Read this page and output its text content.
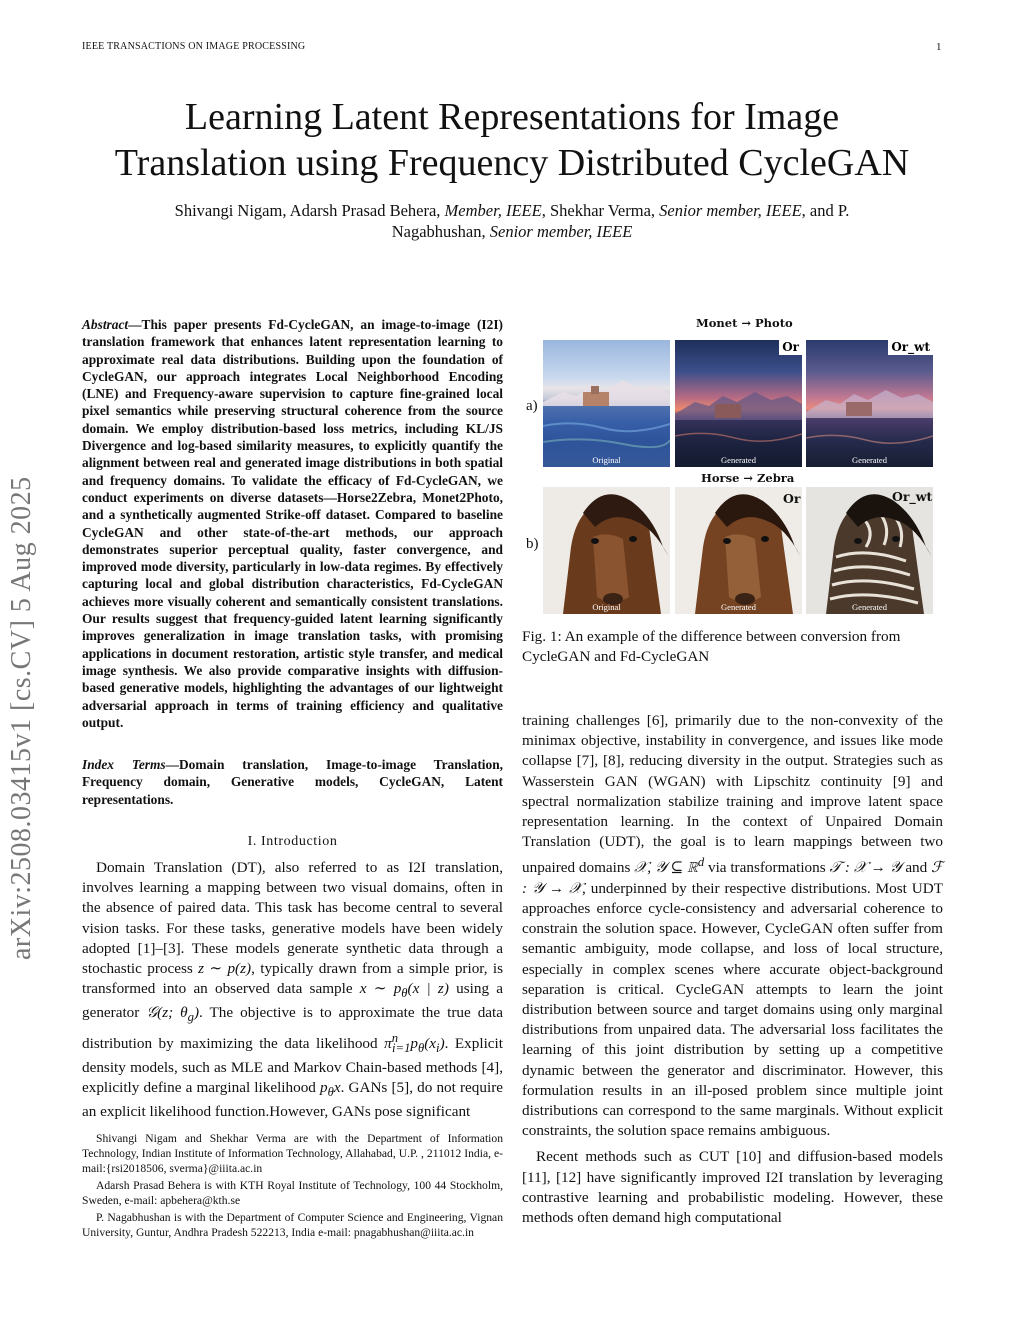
IEEE TRANSACTIONS ON IMAGE PROCESSING	1
Learning Latent Representations for Image
Translation using Frequency Distributed CycleGAN
Shivangi Nigam, Adarsh Prasad Behera, Member, IEEE, Shekhar Verma, Senior member, IEEE, and P.
Nagabhushan, Senior member, IEEE
arXiv:2508.03415v1 [cs.CV] 5 Aug 2025
Abstract—This paper presents Fd-CycleGAN, an image-to-image (I2I) translation framework that enhances latent representation learning to approximate real data distributions. Building upon the foundation of CycleGAN, our approach integrates Local Neighborhood Encoding (LNE) and Frequency-aware supervision to capture fine-grained local pixel semantics while preserving structural coherence from the source domain. We employ distribution-based loss metrics, including KL/JS Divergence and log-based similarity measures, to explicitly quantify the alignment between real and generated image distributions in both spatial and frequency domains. To validate the efficacy of Fd-CycleGAN, we conduct experiments on diverse datasets—Horse2Zebra, Monet2Photo, and a synthetically augmented Strike-off dataset. Compared to baseline CycleGAN and other state-of-the-art methods, our approach demonstrates superior perceptual quality, faster convergence, and improved mode diversity, particularly in low-data regimes. By effectively capturing local and global distribution characteristics, Fd-CycleGAN achieves more visually coherent and semantically consistent translations. Our results suggest that frequency-guided latent learning significantly improves generalization in image translation tasks, with promising applications in document restoration, artistic style transfer, and medical image synthesis. We also provide comparative insights with diffusion-based generative models, highlighting the advantages of our lightweight adversarial approach in terms of training efficiency and qualitative output.
Index Terms—Domain translation, Image-to-image Translation, Frequency domain, Generative models, CycleGAN, Latent representations.
I. Introduction
Domain Translation (DT), also referred to as I2I translation, involves learning a mapping between two visual domains, often in the absence of paired data. This task has become central to several vision tasks. For these tasks, generative models have been widely adopted [1]–[3]. These models generate synthetic data through a stochastic process z ∼ p(z), typically drawn from a simple prior, is transformed into an observed data sample x ∼ $p_\theta(x$ | z) using a generator 𝒢(z; $\theta_g$). The objective is to approximate the true data distribution by maximizing the data likelihood $\pi^n_{i=1}p_\theta(x_i)$. Explicit density models, such as MLE and Markov Chain-based methods [4], explicitly define a marginal likelihood $p_\theta x$. GANs [5], do not require an explicit likelihood function.However, GANs pose significant

Shivangi Nigam and Shekhar Verma are with the Department of Information Technology, Indian Institute of Information Technology, Allahabad, U.P. , 211012 India, e-mail:{rsi2018506, sverma}@iiita.ac.in

Adarsh Prasad Behera is with KTH Royal Institute of Technology, 100 44 Stockholm, Sweden, e-mail: apbehera@kth.se

P. Nagabhushan is with the Department of Computer Science and Engineering, Vignan University, Guntur, Andhra Pradesh 522213, India e-mail: pnagabhushan@iiita.ac.in

Monet → Photo
a)
Original
Or
Generated
Or_wt
Generated
Horse → Zebra
b)
Original	Generated
Or
Generated
Or_wt
Fig. 1: An example of the difference between conversion from CycleGAN and Fd-CycleGAN

training challenges [6], primarily due to the non-convexity of the minimax objective, instability in convergence, and issues like mode collapse [7], [8], reducing diversity in the output. Strategies such as Wasserstein GAN (WGAN) with Lipschitz continuity [9] and spectral normalization stabilize training and improve latent space representation learning. In the context of Unpaired Domain Translation (UDT), the goal is to learn mappings between two unpaired domains 𝒳, 𝒴 ⊆ ℝ$^d$ via transformations 𝒯 : 𝒳 → 𝒴 and ℱ : 𝒴 → 𝒳, underpinned by their respective distributions. Most UDT approaches enforce cycle-consistency and adversarial coherence to constrain the solution space. However, CycleGAN often suffer from semantic ambiguity, mode collapse, and loss of local structure, especially in complex scenes where accurate object-background separation is critical. CycleGAN attempts to learn the joint distribution between source and target domains using only marginal distributions from unpaired data. The adversarial loss facilitates the learning of this joint distribution by setting up a competitive dynamic between the generator and discriminator. However, this formulation results in an ill-posed problem since multiple joint distributions can correspond to the same marginals. Without explicit constraints, the solution space remains ambiguous.

Recent methods such as CUT [10] and diffusion-based models [11], [12] have significantly improved I2I translation by leveraging contrastive learning and probabilistic modeling. However, these methods often demand high computational
